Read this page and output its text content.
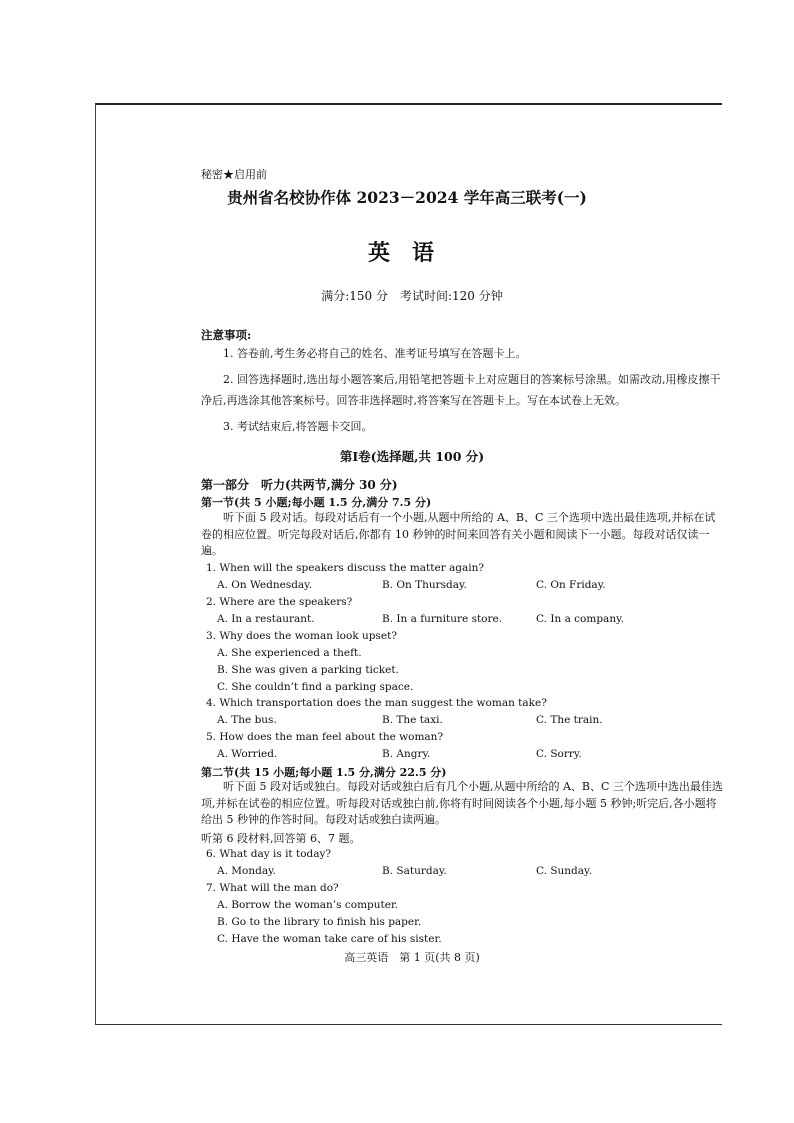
秘密★启用前
贵州省名校协作体 2023－2024 学年高三联考(一)
英语
满分:150 分　考试时间:120 分钟
注意事项:
1. 答卷前,考生务必将自己的姓名、准考证号填写在答题卡上。
2. 回答选择题时,选出每小题答案后,用铅笔把答题卡上对应题目的答案标号涂黑。如需改动,用橡皮擦干净后,再选涂其他答案标号。回答非选择题时,将答案写在答题卡上。写在本试卷上无效。
3. 考试结束后,将答题卡交回。
第Ⅰ卷(选择题,共 100 分)
第一部分　听力(共两节,满分 30 分)
第一节(共 5 小题;每小题 1.5 分,满分 7.5 分)
听下面 5 段对话。每段对话后有一个小题,从题中所给的 A、B、C 三个选项中选出最佳选项,并标在试卷的相应位置。听完每段对话后,你都有 10 秒钟的时间来回答有关小题和阅读下一小题。每段对话仅读一遍。
1. When will the speakers discuss the matter again?
A. On Wednesday.	B. On Thursday.	C. On Friday.
2. Where are the speakers?
A. In a restaurant.	B. In a furniture store.	C. In a company.
3. Why does the woman look upset?
A. She experienced a theft.
B. She was given a parking ticket.
C. She couldn’t find a parking space.
4. Which transportation does the man suggest the woman take?
A. The bus.	B. The taxi.	C. The train.
5. How does the man feel about the woman?
A. Worried.	B. Angry.	C. Sorry.
第二节(共 15 小题;每小题 1.5 分,满分 22.5 分)
听下面 5 段对话或独白。每段对话或独白后有几个小题,从题中所给的 A、B、C 三个选项中选出最佳选项,并标在试卷的相应位置。听每段对话或独白前,你将有时间阅读各个小题,每小题 5 秒钟;听完后,各小题将给出 5 秒钟的作答时间。每段对话或独白读两遍。
听第 6 段材料,回答第 6、7 题。
6. What day is it today?
A. Monday.	B. Saturday.	C. Sunday.
7. What will the man do?
A. Borrow the woman’s computer.
B. Go to the library to finish his paper.
C. Have the woman take care of his sister.
高三英语　第 1 页(共 8 页)
